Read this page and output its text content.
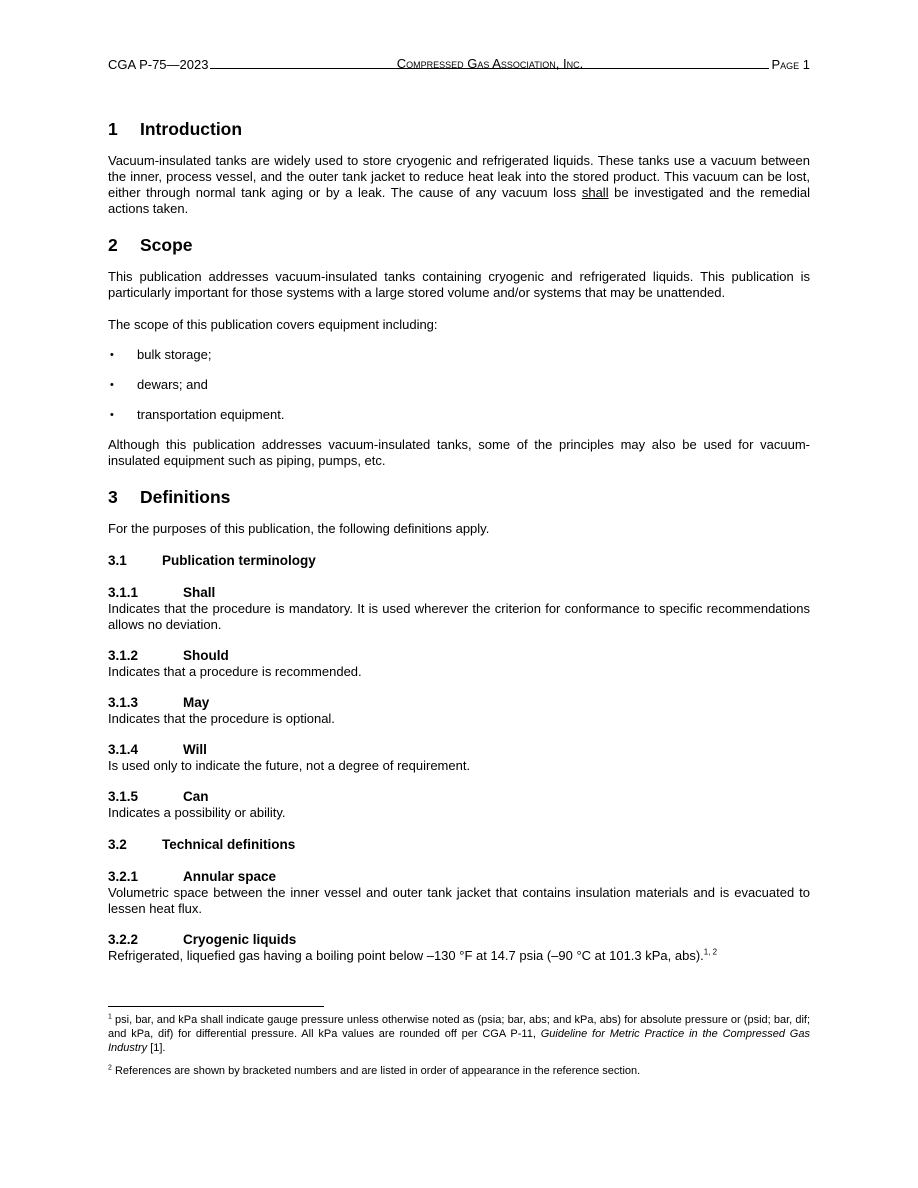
CGA P-75—2023	Compressed Gas Association, Inc.	Page 1
1	Introduction

Vacuum-insulated tanks are widely used to store cryogenic and refrigerated liquids. These tanks use a vacuum between the inner, process vessel, and the outer tank jacket to reduce heat leak into the stored product. This vacuum can be lost, either through normal tank aging or by a leak. The cause of any vacuum loss shall be investigated and the remedial actions taken.

2	Scope

This publication addresses vacuum-insulated tanks containing cryogenic and refrigerated liquids. This publication is particularly important for those systems with a large stored volume and/or systems that may be unattended.

The scope of this publication covers equipment including:

•	bulk storage;
•	dewars; and
•	transportation equipment.

Although this publication addresses vacuum-insulated tanks, some of the principles may also be used for vacuum-insulated equipment such as piping, pumps, etc.

3	Definitions

For the purposes of this publication, the following definitions apply.

3.1	Publication terminology
3.1.1	Shall
Indicates that the procedure is mandatory. It is used wherever the criterion for conformance to specific recommendations allows no deviation.
3.1.2	Should
Indicates that a procedure is recommended.
3.1.3	May
Indicates that the procedure is optional.
3.1.4	Will
Is used only to indicate the future, not a degree of requirement.
3.1.5	Can
Indicates a possibility or ability.
3.2	Technical definitions
3.2.1	Annular space
Volumetric space between the inner vessel and outer tank jacket that contains insulation materials and is evacuated to lessen heat flux.
3.2.2	Cryogenic liquids
Refrigerated, liquefied gas having a boiling point below –130 °F at 14.7 psia (–90 °C at 101.3 kPa, abs).$^{1, 2}$
$^1$ psi, bar, and kPa shall indicate gauge pressure unless otherwise noted as (psia; bar, abs; and kPa, abs) for absolute pressure or (psid; bar, dif; and kPa, dif) for differential pressure. All kPa values are rounded off per CGA P-11, Guideline for Metric Practice in the Compressed Gas Industry [1].
$^2$ References are shown by bracketed numbers and are listed in order of appearance in the reference section.
